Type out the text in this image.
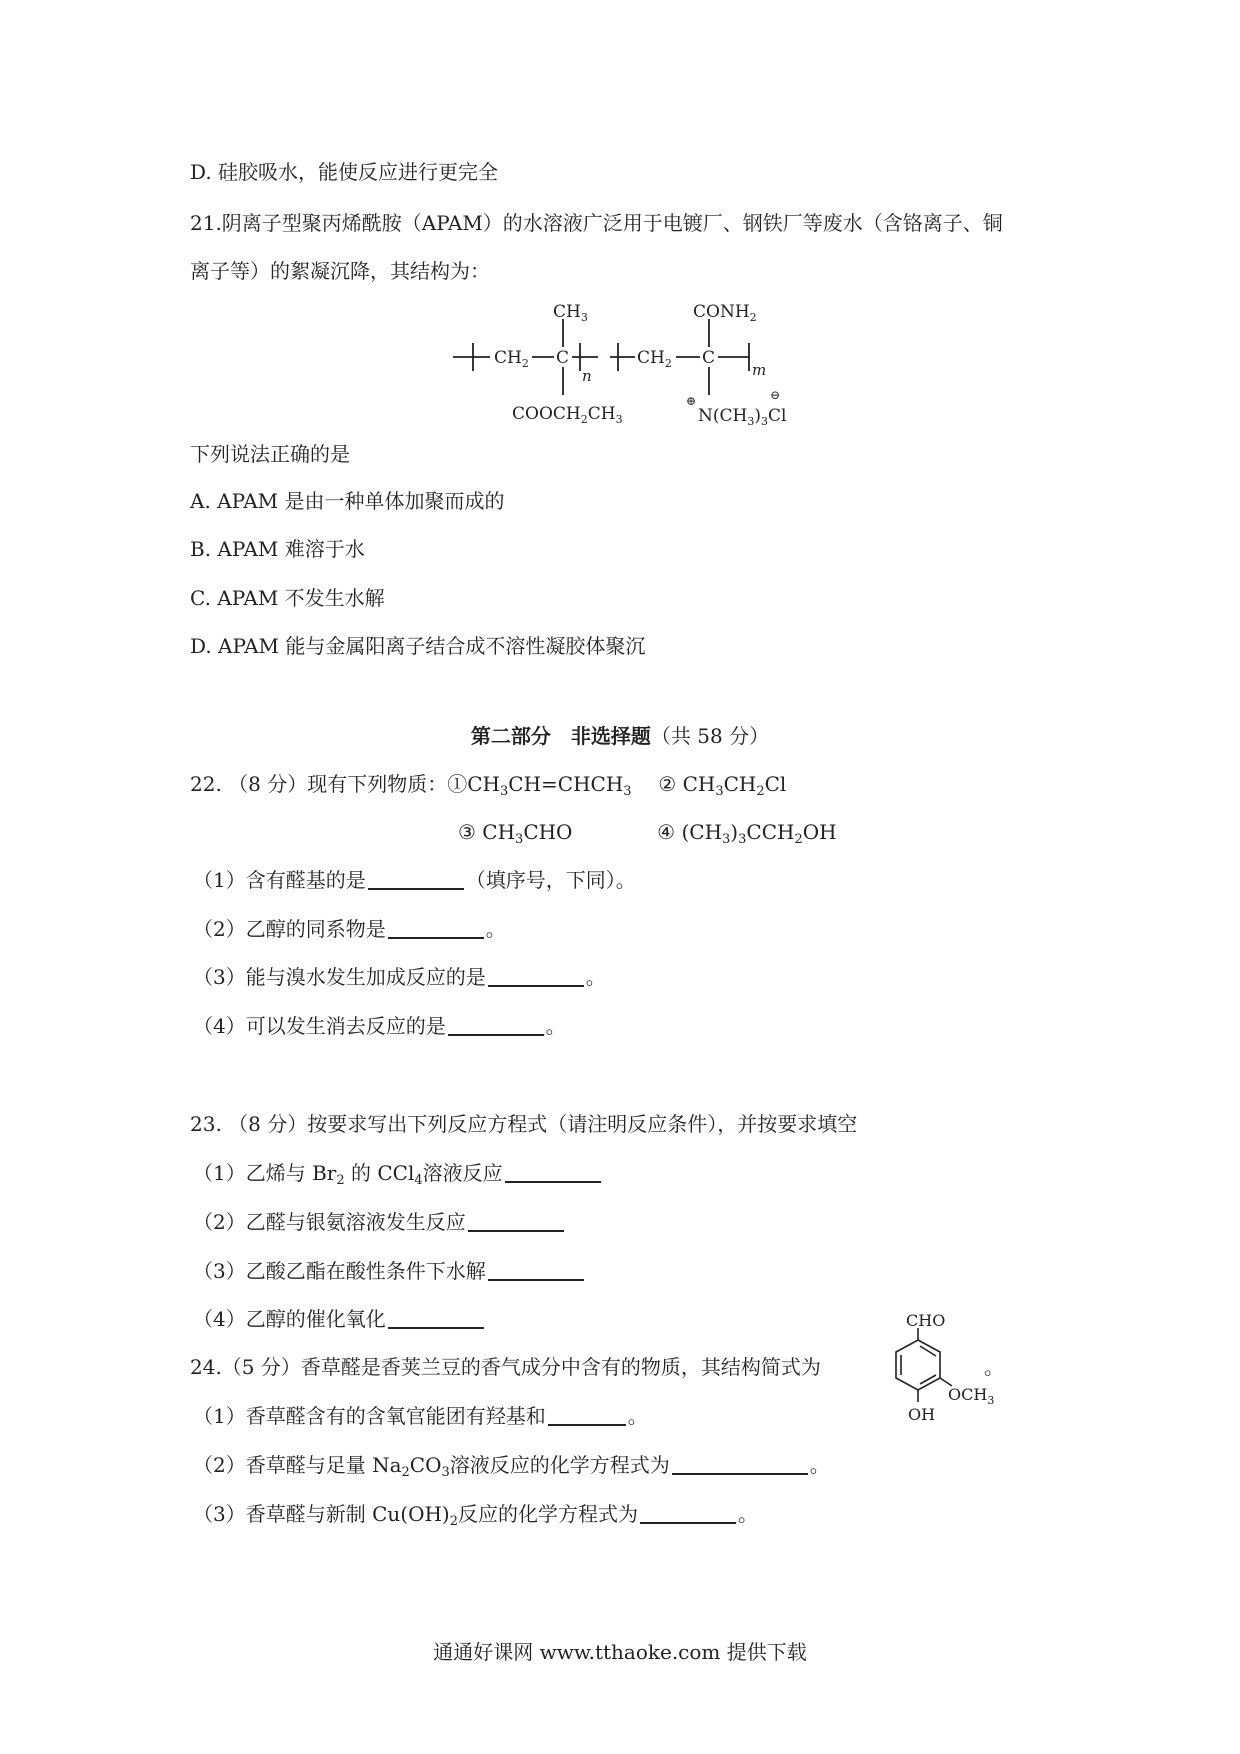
D. 硅胶吸水，能使反应进行更完全
21.阴离子型聚丙烯酰胺（APAM）的水溶液广泛用于电镀厂、钢铁厂等废水（含铬离子、铜
离子等）的絮凝沉降，其结构为：
$CH_3$	$CONH_2$
$CH_2$ C
n
$CH_2$ C
m
$COOCH_2CH_3$
⊕
$N(CH_3)_3Cl$
⊖
下列说法正确的是
A. APAM 是由一种单体加聚而成的
B. APAM 难溶于水
C. APAM 不发生水解
D. APAM 能与金属阳离子结合成不溶性凝胶体聚沉
第二部分　非选择题（共 58 分）
22. （8 分）现有下列物质：$①CH_3CH=CHCH_3$ ② $CH_3CH_2Cl$
③ $CH_3CHO$	④ $(CH_3)_3CCH_2OH$
（1）含有醛基的是	（填序号，下同）。
（2）乙醇的同系物是	。
（3）能与溴水发生加成反应的是	。
（4）可以发生消去反应的是	。
23. （8 分）按要求写出下列反应方程式（请注明反应条件），并按要求填空
（1）乙烯与 $Br_2$ 的 CCl$_4$溶液反应
（2）乙醛与银氨溶液发生反应
（3）乙酸乙酯在酸性条件下水解
（4）乙醇的催化氧化
24.（5 分）香草醛是香荚兰豆的香气成分中含有的物质，其结构简式为	。
CHO
$OCH_3$
OH
（1）香草醛含有的含氧官能团有羟基和	。
（2）香草醛与足量 $Na_2CO_3$溶液反应的化学方程式为	。
（3）香草醛与新制 $Cu(OH)_2$反应的化学方程式为	。
通通好课网 www.tthaoke.com 提供下载
